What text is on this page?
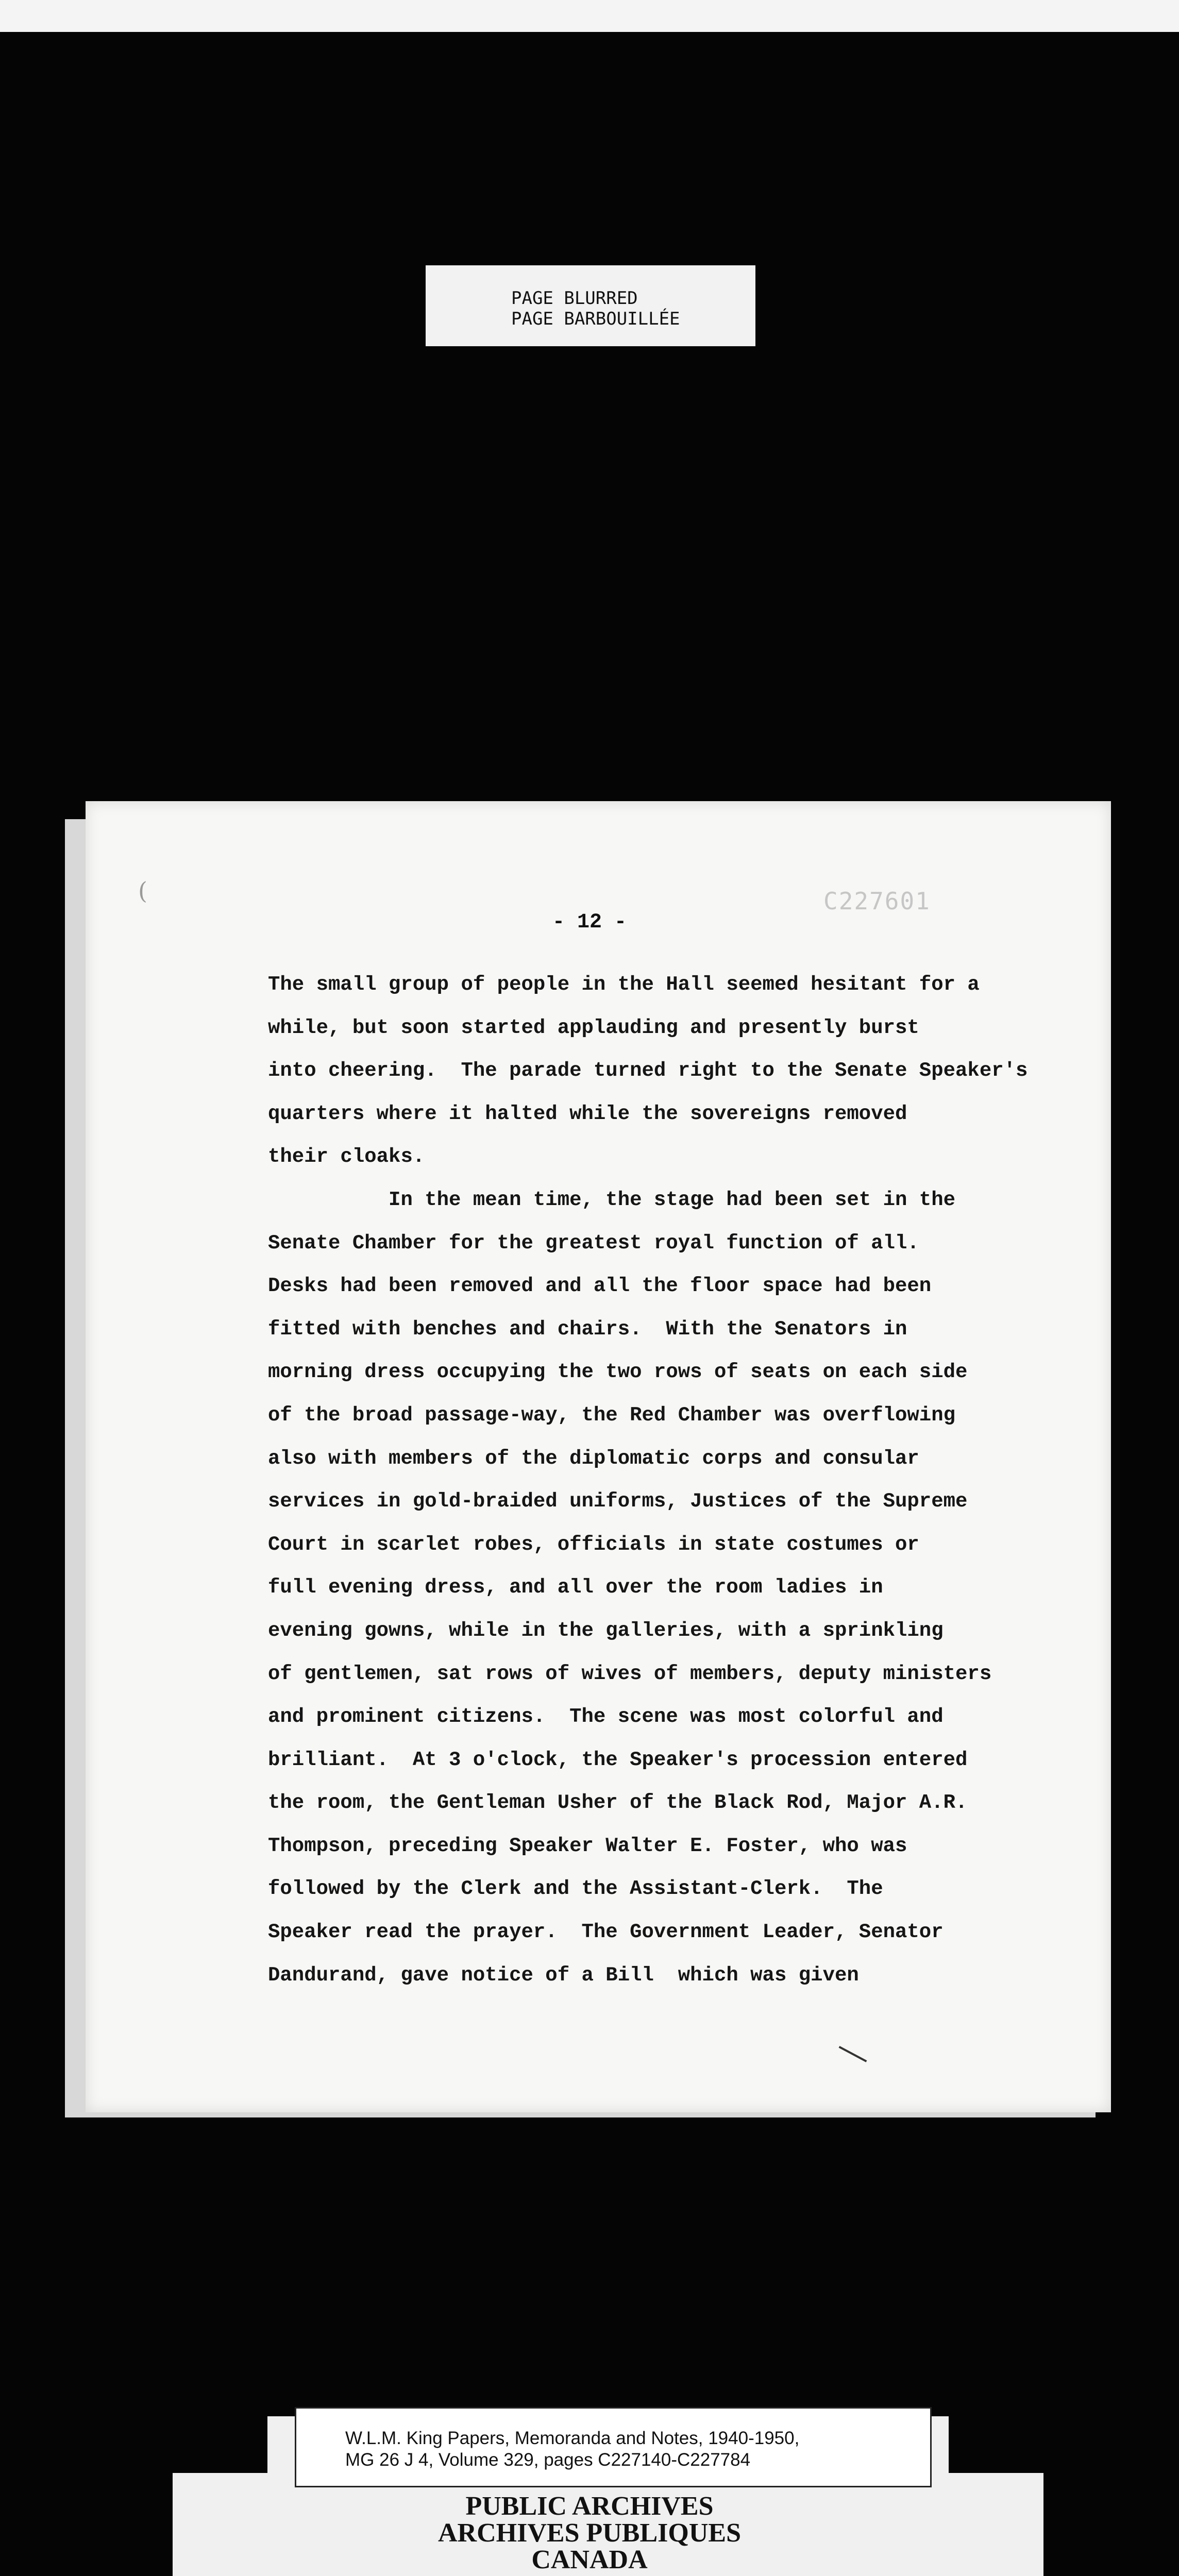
PAGE BLURRED
PAGE BARBOUILLÉE
(	C227601
- 12 -
The small group of people in the Hall seemed hesitant for a
while, but soon started applauding and presently burst
into cheering.  The parade turned right to the Senate Speaker's
quarters where it halted while the sovereigns removed
their cloaks.
In the mean time, the stage had been set in the
Senate Chamber for the greatest royal function of all.
Desks had been removed and all the floor space had been
fitted with benches and chairs.  With the Senators in
morning dress occupying the two rows of seats on each side
of the broad passage-way, the Red Chamber was overflowing
also with members of the diplomatic corps and consular
services in gold-braided uniforms, Justices of the Supreme
Court in scarlet robes, officials in state costumes or
full evening dress, and all over the room ladies in
evening gowns, while in the galleries, with a sprinkling
of gentlemen, sat rows of wives of members, deputy ministers
and prominent citizens.  The scene was most colorful and
brilliant.  At 3 o'clock, the Speaker's procession entered
the room, the Gentleman Usher of the Black Rod, Major A.R.
Thompson, preceding Speaker Walter E. Foster, who was
followed by the Clerk and the Assistant-Clerk.  The
Speaker read the prayer.  The Government Leader, Senator
Dandurand, gave notice of a Bill  which was given
W.L.M. King Papers, Memoranda and Notes, 1940-1950,
MG 26 J 4, Volume 329, pages C227140-C227784
PUBLIC ARCHIVES
ARCHIVES PUBLIQUES
CANADA
